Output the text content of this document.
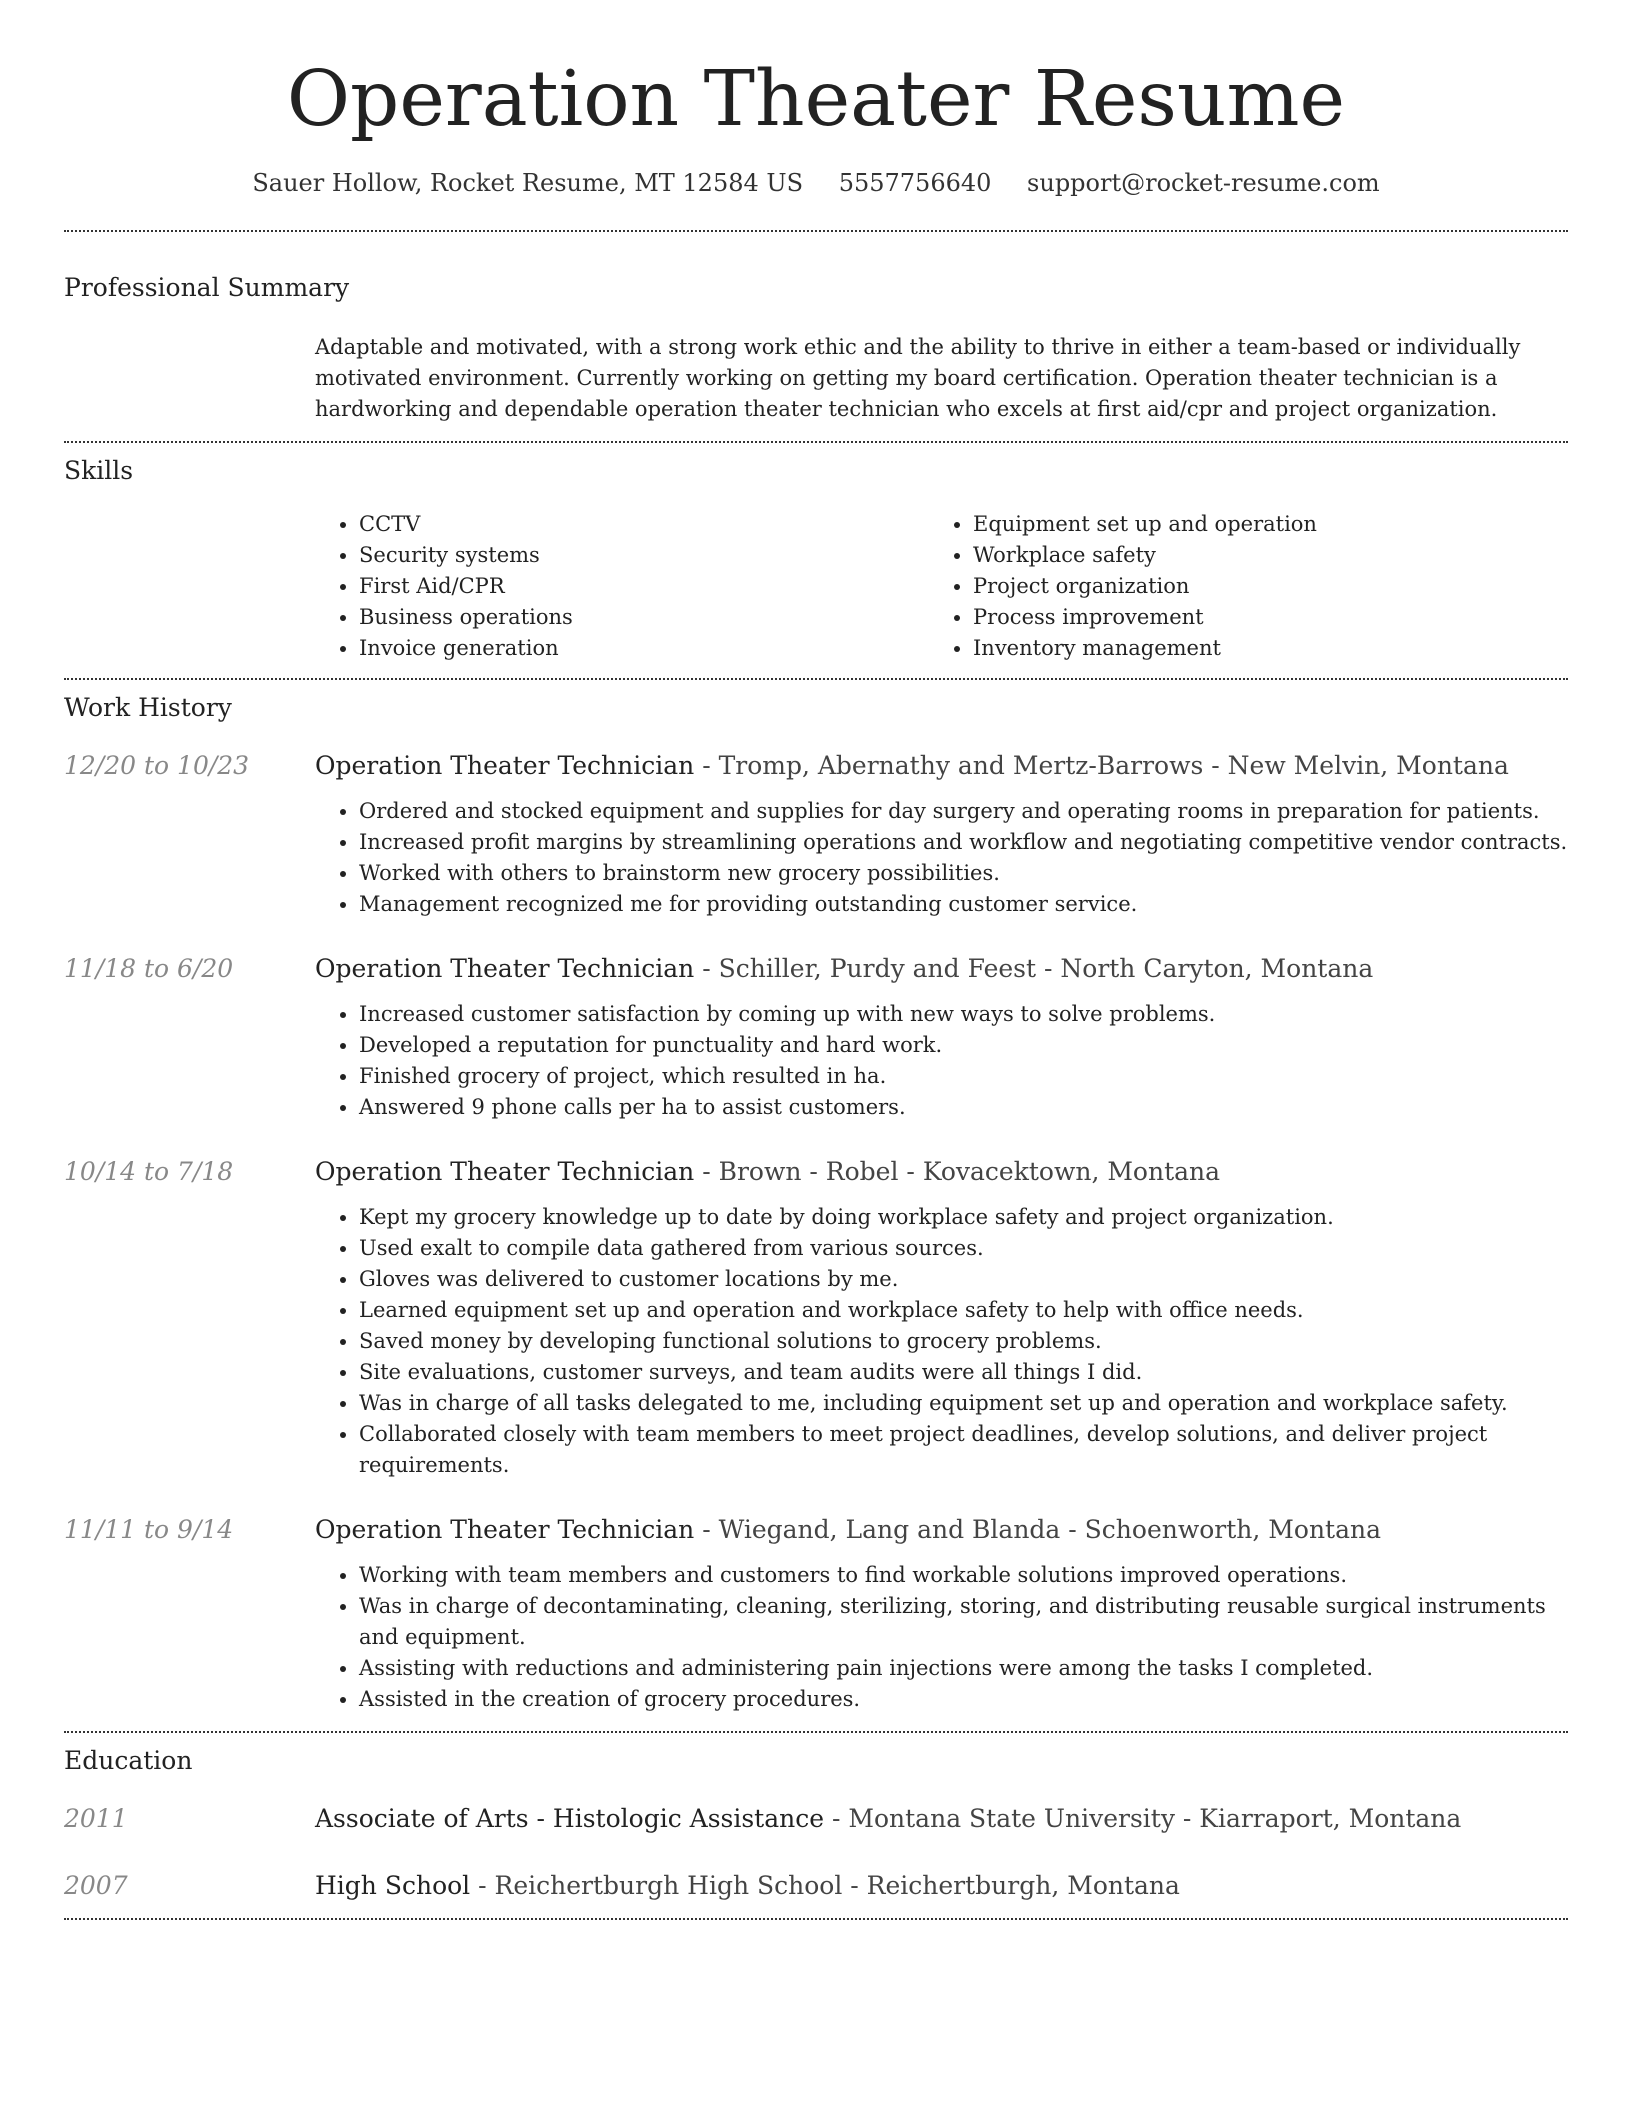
Operation Theater Resume
Sauer Hollow, Rocket Resume, MT 12584 US 5557756640 support@rocket-resume.com
Professional Summary

Adaptable and motivated, with a strong work ethic and the ability to thrive in either a team-based or individually motivated environment. Currently working on getting my board certification. Operation theater technician is a hardworking and dependable operation theater technician who excels at first aid/cpr and project organization.

Skills
• CCTV
• Security systems
• First Aid/CPR
• Business operations
• Invoice generation
• Equipment set up and operation
• Workplace safety
• Project organization
• Process improvement
• Inventory management
Work History
12/20 to 10/23	Operation Theater Technician - Tromp, Abernathy and Mertz-Barrows - New Melvin, Montana
• Ordered and stocked equipment and supplies for day surgery and operating rooms in preparation for patients.
• Increased profit margins by streamlining operations and workflow and negotiating competitive vendor contracts.
• Worked with others to brainstorm new grocery possibilities.
• Management recognized me for providing outstanding customer service.
11/18 to 6/20	Operation Theater Technician - Schiller, Purdy and Feest - North Caryton, Montana
• Increased customer satisfaction by coming up with new ways to solve problems.
• Developed a reputation for punctuality and hard work.
• Finished grocery of project, which resulted in ha.
• Answered 9 phone calls per ha to assist customers.
10/14 to 7/18	Operation Theater Technician - Brown - Robel - Kovacektown, Montana
• Kept my grocery knowledge up to date by doing workplace safety and project organization.
• Used exalt to compile data gathered from various sources.
• Gloves was delivered to customer locations by me.
• Learned equipment set up and operation and workplace safety to help with office needs.
• Saved money by developing functional solutions to grocery problems.
• Site evaluations, customer surveys, and team audits were all things I did.
• Was in charge of all tasks delegated to me, including equipment set up and operation and workplace safety.
• Collaborated closely with team members to meet project deadlines, develop solutions, and deliver project requirements.
11/11 to 9/14	Operation Theater Technician - Wiegand, Lang and Blanda - Schoenworth, Montana
• Working with team members and customers to find workable solutions improved operations.
• Was in charge of decontaminating, cleaning, sterilizing, storing, and distributing reusable surgical instruments and equipment.
• Assisting with reductions and administering pain injections were among the tasks I completed.
• Assisted in the creation of grocery procedures.
Education
2011	Associate of Arts - Histologic Assistance - Montana State University - Kiarraport, Montana
2007	High School - Reichertburgh High School - Reichertburgh, Montana
